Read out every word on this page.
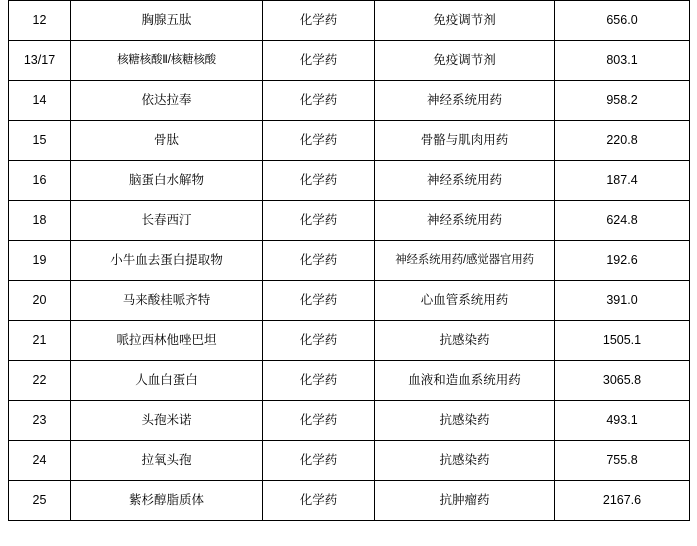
12	胸腺五肽	化学药	免疫调节剂	656.0
13/17	核糖核酸Ⅱ/核糖核酸	化学药	免疫调节剂	803.1
14	依达拉奉	化学药	神经系统用药	958.2
15	骨肽	化学药	骨骼与肌肉用药	220.8
16	脑蛋白水解物	化学药	神经系统用药	187.4
18	长春西汀	化学药	神经系统用药	624.8
19	小牛血去蛋白提取物	化学药	神经系统用药/感觉器官用药	192.6
20	马来酸桂哌齐特	化学药	心血管系统用药	391.0
21	哌拉西林他唑巴坦	化学药	抗感染药	1505.1
22	人血白蛋白	化学药	血液和造血系统用药	3065.8
23	头孢米诺	化学药	抗感染药	493.1
24	拉氧头孢	化学药	抗感染药	755.8
25	紫杉醇脂质体	化学药	抗肿瘤药	2167.6
